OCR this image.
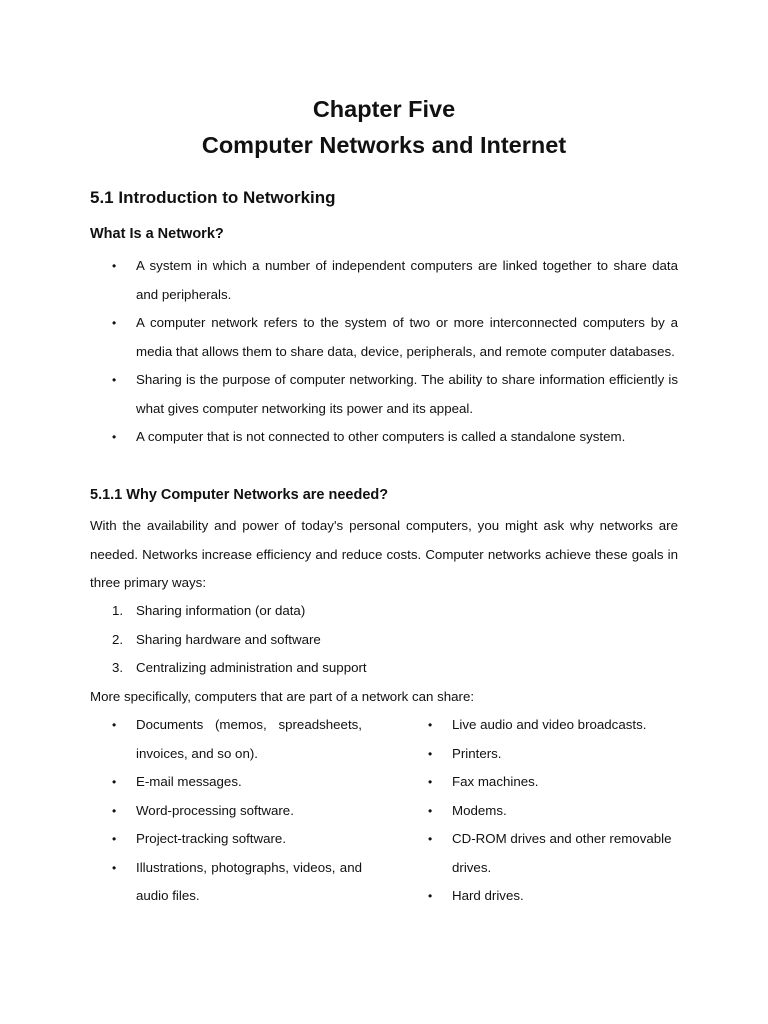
Chapter Five
Computer Networks and Internet
5.1 Introduction to Networking
What Is a Network?
• A system in which a number of independent computers are linked together to share data and peripherals.
• A computer network refers to the system of two or more interconnected computers by a media that allows them to share data, device, peripherals, and remote computer databases.
• Sharing is the purpose of computer networking. The ability to share information efficiently is what gives computer networking its power and its appeal.
• A computer that is not connected to other computers is called a standalone system.
5.1.1 Why Computer Networks are needed?

With the availability and power of today's personal computers, you might ask why networks are needed. Networks increase efficiency and reduce costs. Computer networks achieve these goals in three primary ways:

1. Sharing information (or data)
2. Sharing hardware and software
3. Centralizing administration and support

More specifically, computers that are part of a network can share:

• Documents (memos, spreadsheets, invoices, and so on).
• E-mail messages.
• Word-processing software.
• Project-tracking software.
• Illustrations, photographs, videos, and audio files.
• Live audio and video broadcasts.
• Printers.
• Fax machines.
• Modems.
• CD-ROM drives and other removable drives.
• Hard drives.
